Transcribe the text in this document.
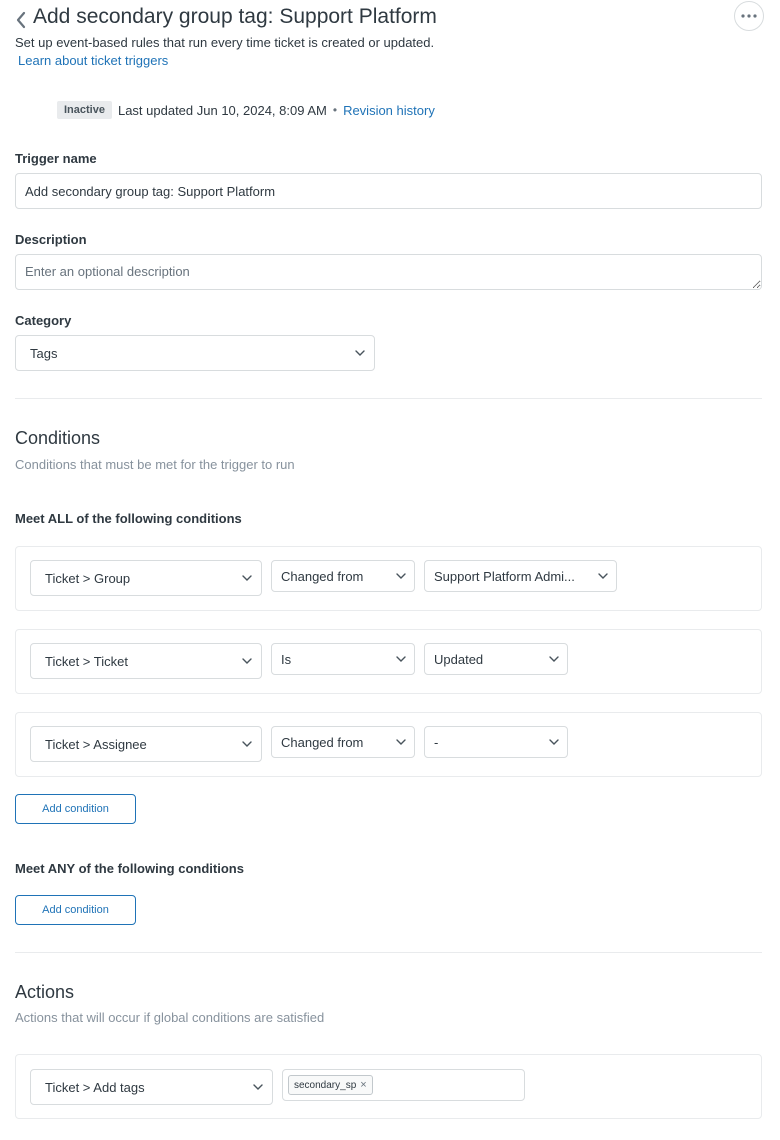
Add secondary group tag: Support Platform
Set up event-based rules that run every time ticket is created or updated.
Learn about ticket triggers
Inactive	Last updated Jun 10, 2024, 8:09 AM • Revision history
Trigger name
Add secondary group tag: Support Platform
Description
Enter an optional description
Category
Tags
Conditions
Conditions that must be met for the trigger to run
Meet ALL of the following conditions
Ticket > Group	Changed from	Support Platform Admi...
Ticket > Ticket	Is	Updated
Ticket > Assignee	Changed from	-
Add condition
Meet ANY of the following conditions
Add condition
Actions
Actions that will occur if global conditions are satisfied
Ticket > Add tags	secondary_sp ×
